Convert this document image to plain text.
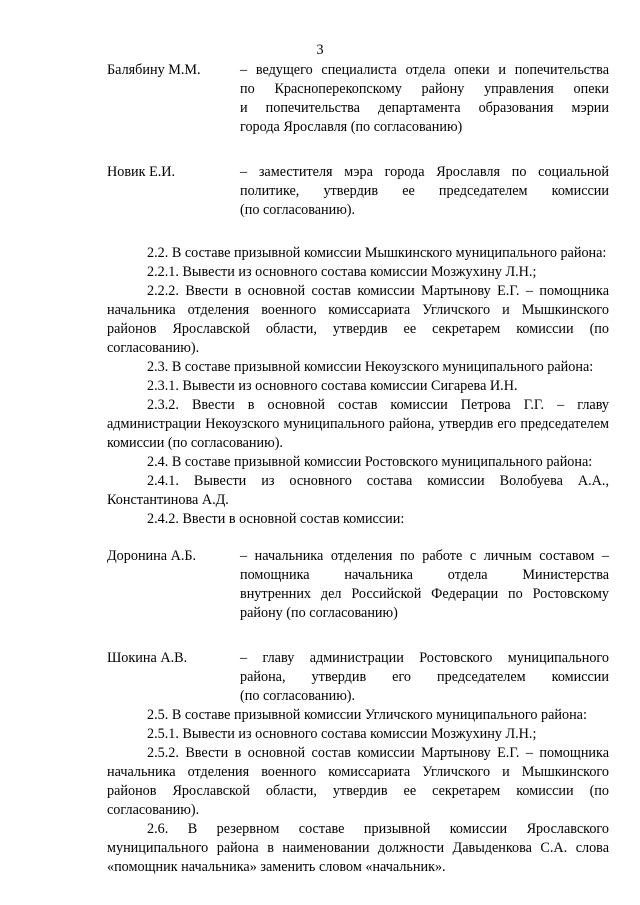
3
Балябину М.М.	– ведущего специалиста отдела опеки и попечительства
по Красноперекопскому району управления опеки
и попечительства департамента образования мэрии
города Ярославля (по согласованию)
Новик Е.И.	– заместителя мэра города Ярославля по социальной
политике, утвердив ее председателем комиссии
(по согласованию).

2.2. В составе призывной комиссии Мышкинского муниципального района:

2.2.1. Вывести из основного состава комиссии Мозжухину Л.Н.;

2.2.2. Ввести в основной состав комиссии Мартынову Е.Г. – помощника начальника отделения военного комиссариата Угличского и Мышкинского районов Ярославской области, утвердив ее секретарем комиссии (по согласованию).

2.3. В составе призывной комиссии Некоузского муниципального района:

2.3.1. Вывести из основного состава комиссии Сигарева И.Н.

2.3.2. Ввести в основной состав комиссии Петрова Г.Г. – главу администрации Некоузского муниципального района, утвердив его председателем комиссии (по согласованию).

2.4. В составе призывной комиссии Ростовского муниципального района:

2.4.1. Вывести из основного состава комиссии Волобуева А.А., Константинова А.Д.

2.4.2. Ввести в основной состав комиссии:

Доронина А.Б.	– начальника отделения по работе с личным составом –
помощника начальника отдела Министерства
внутренних дел Российской Федерации по Ростовскому
району (по согласованию)
Шокина А.В.	– главу администрации Ростовского муниципального
района, утвердив его председателем комиссии
(по согласованию).

2.5. В составе призывной комиссии Угличского муниципального района:

2.5.1. Вывести из основного состава комиссии Мозжухину Л.Н.;

2.5.2. Ввести в основной состав комиссии Мартынову Е.Г. – помощника начальника отделения военного комиссариата Угличского и Мышкинского районов Ярославской области, утвердив ее секретарем комиссии (по согласованию).

2.6. В резервном составе призывной комиссии Ярославского муниципального района в наименовании должности Давыденкова С.А. слова «помощник начальника» заменить словом «начальник».
